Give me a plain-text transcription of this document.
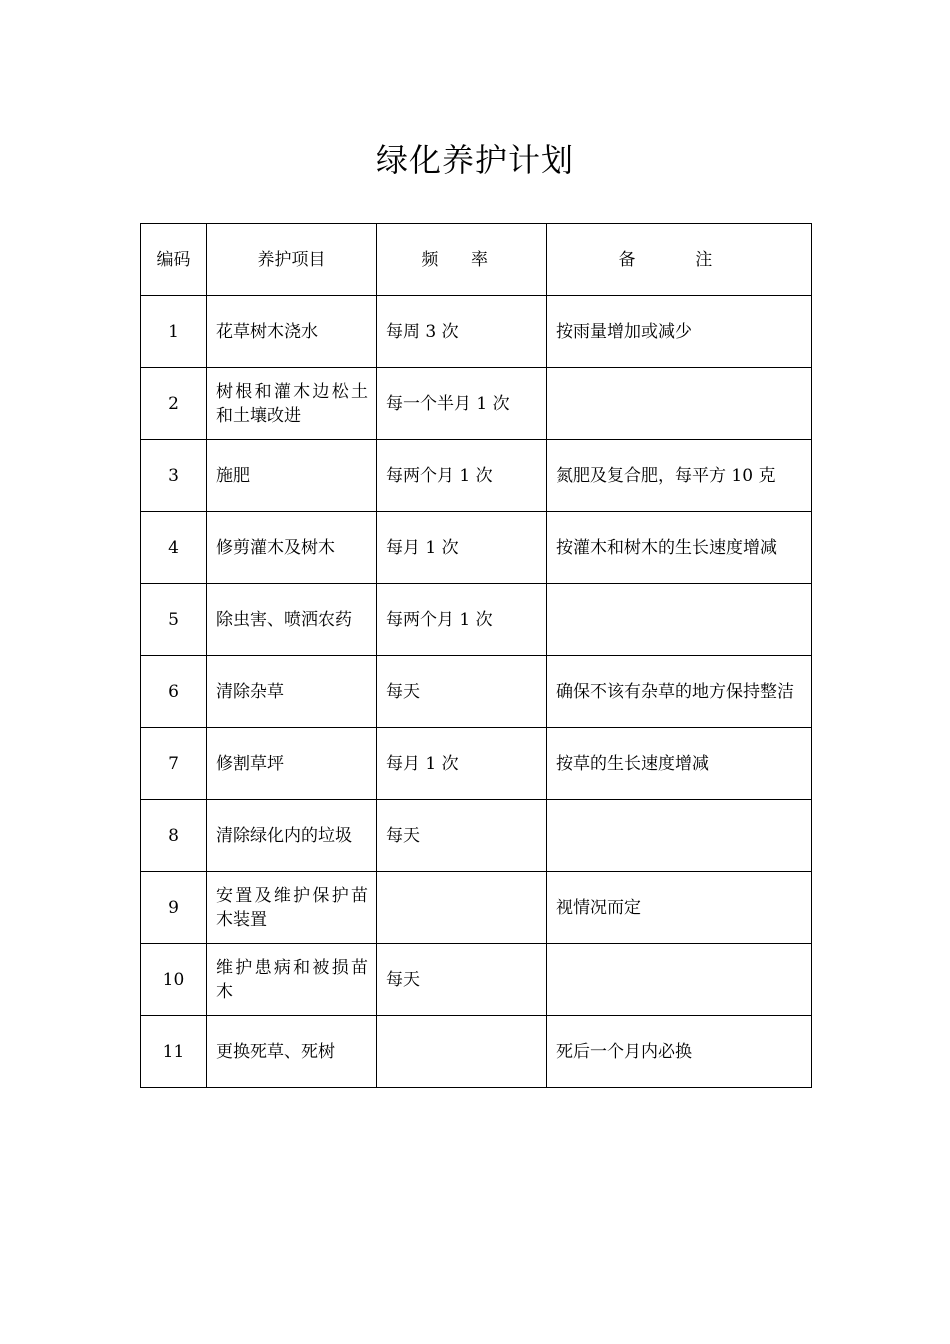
绿化养护计划
编码	养护项目	频 率	备 注
1	花草树木浇水	每周 3 次	按雨量增加或减少
2	树根和灌木边松土和土壤改进	每一个半月 1 次	
3	施肥	每两个月 1 次	氮肥及复合肥，每平方 10 克
4	修剪灌木及树木	每月 1 次	按灌木和树木的生长速度增减
5	除虫害、喷洒农药	每两个月 1 次	
6	清除杂草	每天	确保不该有杂草的地方保持整洁
7	修割草坪	每月 1 次	按草的生长速度增减
8	清除绿化内的垃圾	每天	
9	安置及维护保护苗木装置		视情况而定
10	维护患病和被损苗木	每天	
11	更换死草、死树		死后一个月内必换
